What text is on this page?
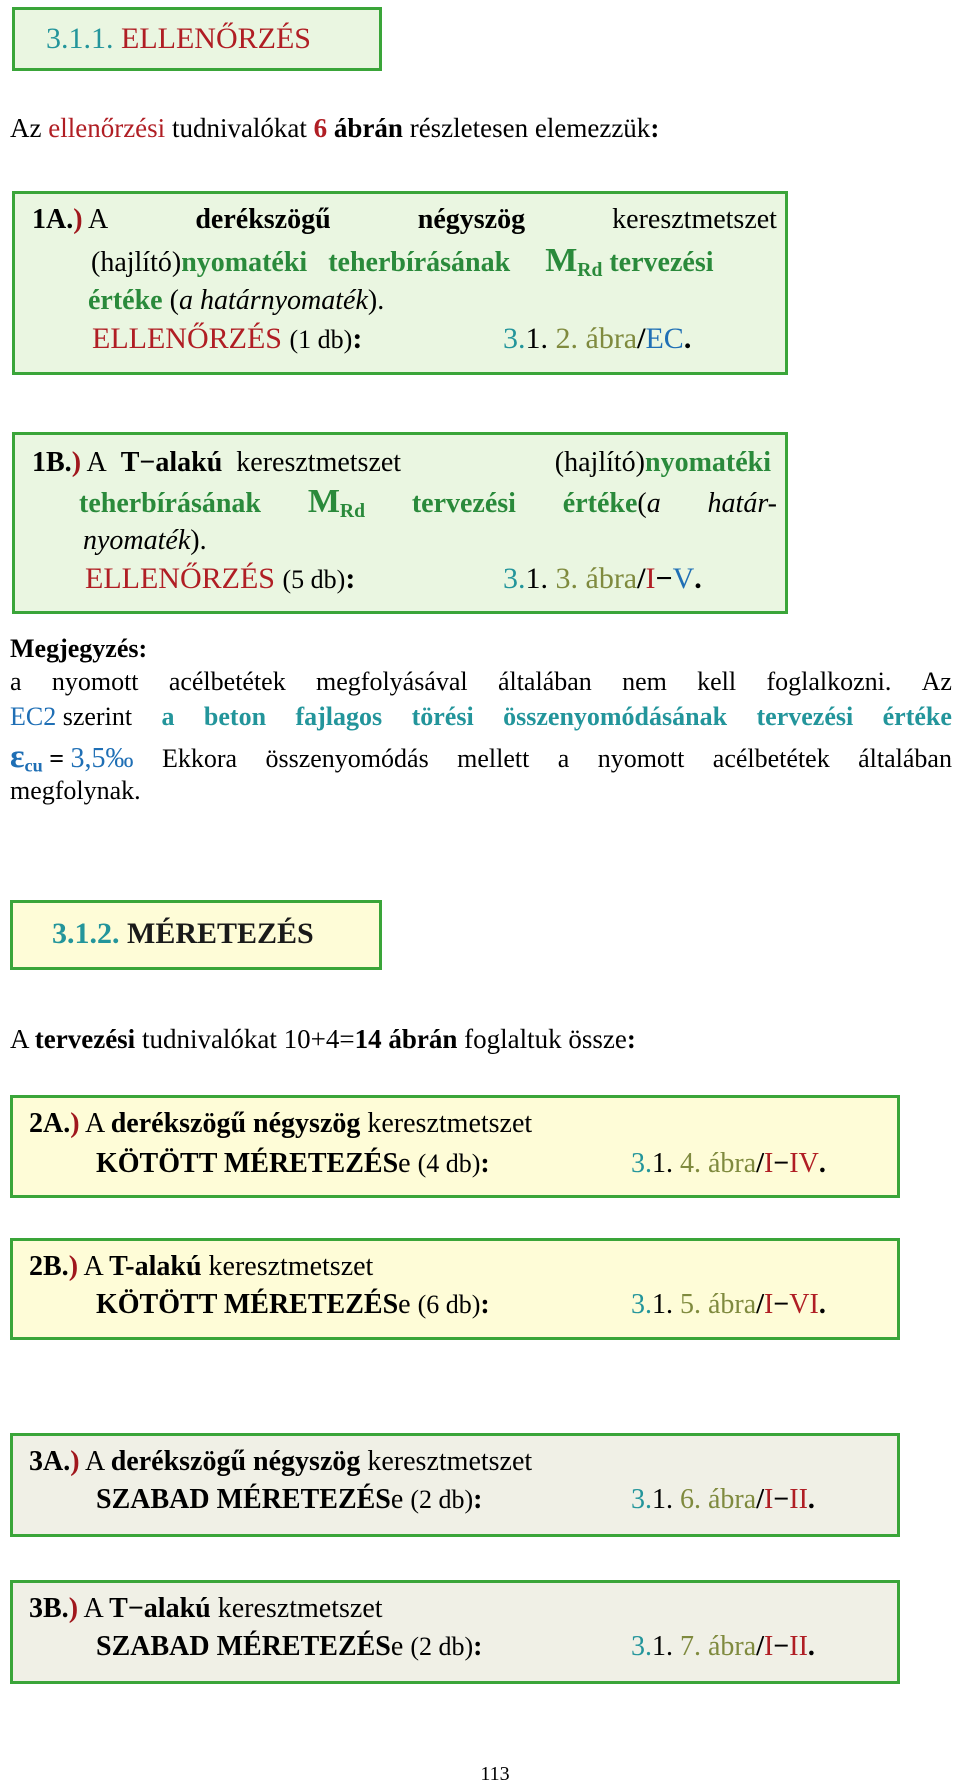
3.1.1. ELLENŐRZÉS
Az ellenőrzési tudnivalókat 6 ábrán részletesen elemezzük:
1A.) A	derékszögű	négyszög	keresztmetszet
(hajlító)nyomatéki teherbírásának $M_{Rd}$ tervezési
értéke (a határnyomaték).
ELLENŐRZÉS (1 db):	3.1. 2. ábra/EC.
1B.) A T−alakú keresztmetszet	(hajlító)nyomatéki
teherbírásának $M_{Rd}$ tervezési értéke(a határ-
nyomaték).
ELLENŐRZÉS (5 db):	3.1. 3. ábra/I−V.
Megjegyzés:
a nyomott acélbetétek megfolyásával általában nem kell foglalkozni. Az
EC2 szerint a beton fajlagos törési összenyomódásának tervezési értéke
$\varepsilon_{cu}$ = 3,5‰ Ekkora összenyomódás mellett a nyomott acélbetétek általában
megfolynak.
3.1.2. MÉRETEZÉS
A tervezési tudnivalókat 10+4=14 ábrán foglaltuk össze:
2A.) A derékszögű négyszög keresztmetszet
KÖTÖTT MÉRETEZÉSe (4 db):	3.1. 4. ábra/I−IV.
2B.) A T-alakú keresztmetszet
KÖTÖTT MÉRETEZÉSe (6 db):	3.1. 5. ábra/I−VI.
3A.) A derékszögű négyszög keresztmetszet
SZABAD MÉRETEZÉSe (2 db):	3.1. 6. ábra/I−II.
3B.) A T−alakú keresztmetszet
SZABAD MÉRETEZÉSe (2 db):	3.1. 7. ábra/I−II.
113
